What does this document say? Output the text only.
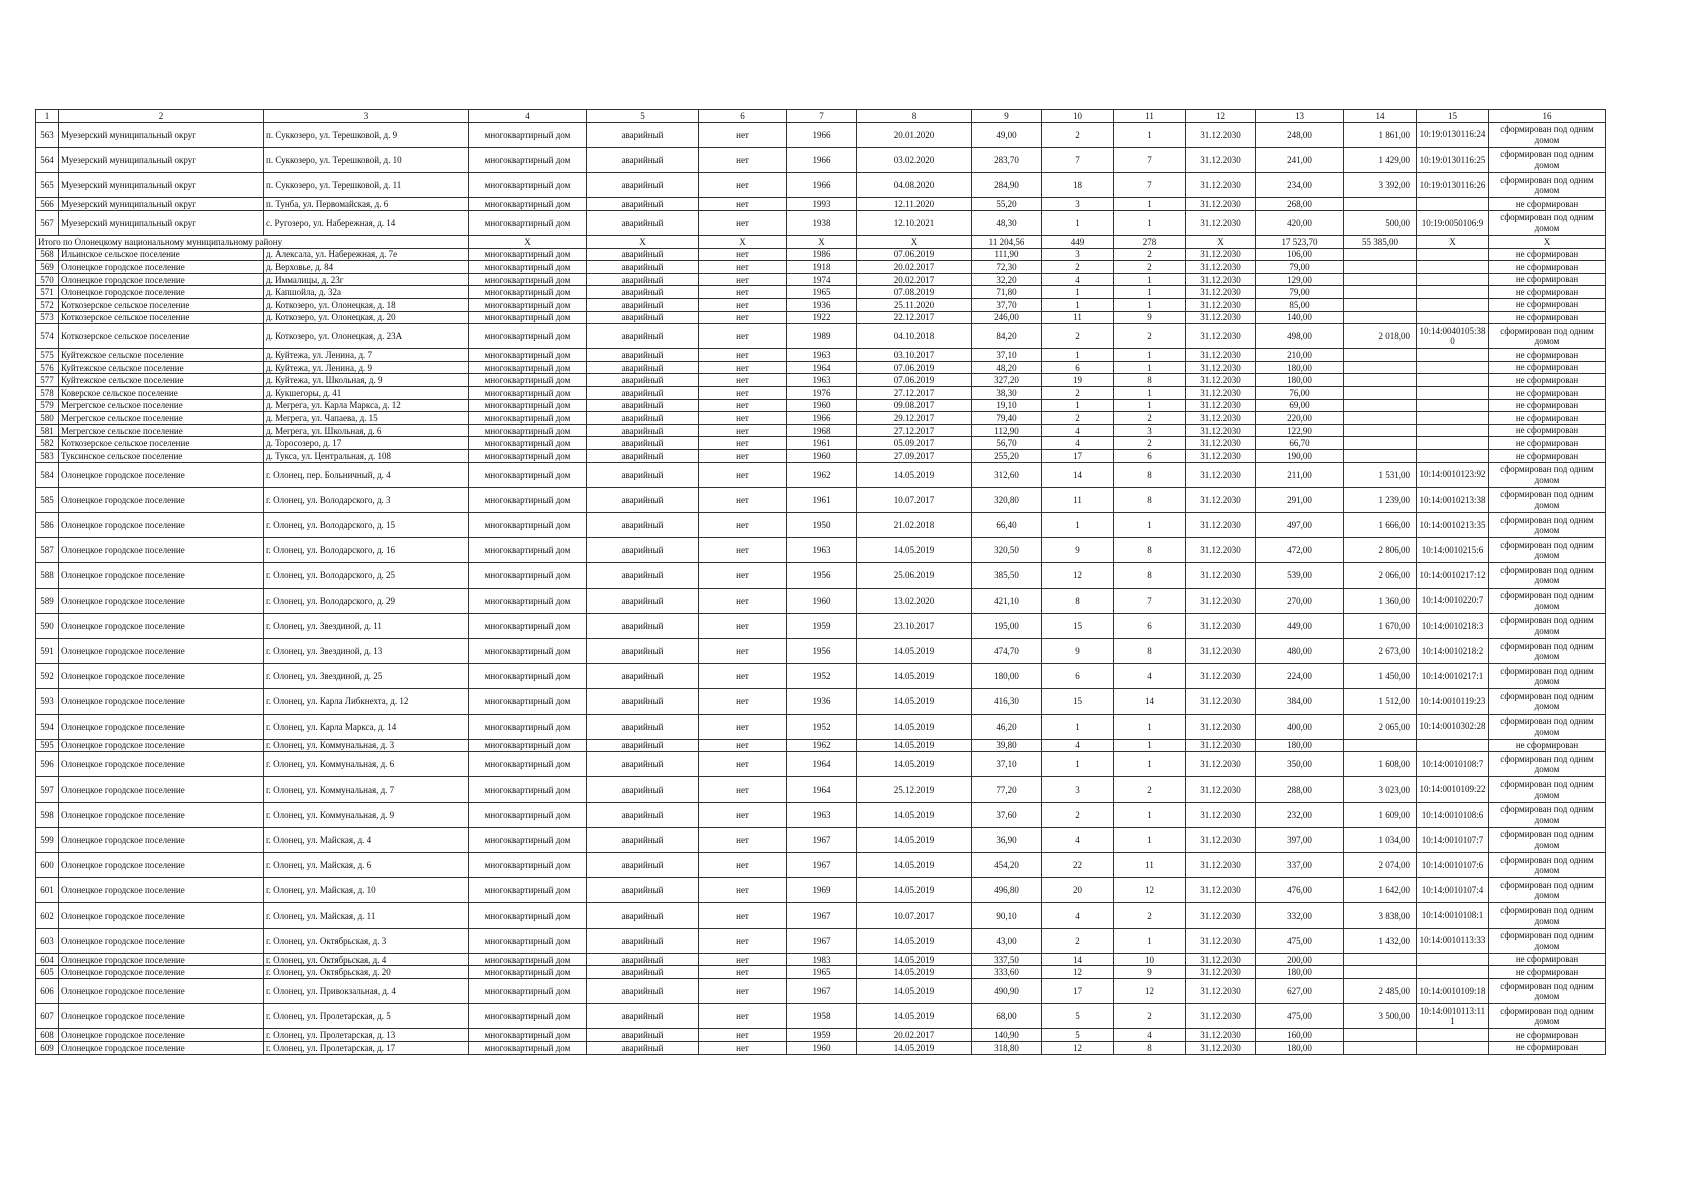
1	2	3	4	5	6	7	8	9	10	11	12	13	14	15	16
563	Муезерский муниципальный округ	п. Суккозеро, ул. Терешковой, д. 9	многоквартирный дом	аварийный	нет	1966	20.01.2020	49,00	2	1	31.12.2030	248,00	1 861,00	10:19:0130116:24	сформирован под одним домом
564	Муезерский муниципальный округ	п. Суккозеро, ул. Терешковой, д. 10	многоквартирный дом	аварийный	нет	1966	03.02.2020	283,70	7	7	31.12.2030	241,00	1 429,00	10:19:0130116:25	сформирован под одним домом
565	Муезерский муниципальный округ	п. Суккозеро, ул. Терешковой, д. 11	многоквартирный дом	аварийный	нет	1966	04.08.2020	284,90	18	7	31.12.2030	234,00	3 392,00	10:19:0130116:26	сформирован под одним домом
566	Муезерский муниципальный округ	п. Тунба, ул. Первомайская, д. 6	многоквартирный дом	аварийный	нет	1993	12.11.2020	55,20	3	1	31.12.2030	268,00			не сформирован
567	Муезерский муниципальный округ	с. Ругозеро, ул. Набережная, д. 14	многоквартирный дом	аварийный	нет	1938	12.10.2021	48,30	1	1	31.12.2030	420,00	500,00	10:19:0050106:9	сформирован под одним домом
Итого по Олонецкому национальному муниципальному району			X	X	X	X	X	11 204,56	449	278	X	17 523,70	55 385,00	X	X
568	Ильинское сельское поселение	д. Алексала, ул. Набережная, д. 7е	многоквартирный дом	аварийный	нет	1986	07.06.2019	111,90	3	2	31.12.2030	106,00			не сформирован
569	Олонецкое городское поселение	д. Верховье, д. 84	многоквартирный дом	аварийный	нет	1918	20.02.2017	72,30	2	2	31.12.2030	79,00			не сформирован
570	Олонецкое городское поселение	д. Иммалицы, д. 23г	многоквартирный дом	аварийный	нет	1974	20.02.2017	32,20	4	1	31.12.2030	129,00			не сформирован
571	Олонецкое городское поселение	д. Капшойла, д. 32а	многоквартирный дом	аварийный	нет	1965	07.08.2019	71,80	1	1	31.12.2030	79,00			не сформирован
572	Коткозерское сельское поселение	д. Коткозеро, ул. Олонецкая, д. 18	многоквартирный дом	аварийный	нет	1936	25.11.2020	37,70	1	1	31.12.2030	85,00			не сформирован
573	Коткозерское сельское поселение	д. Коткозеро, ул. Олонецкая, д. 20	многоквартирный дом	аварийный	нет	1922	22.12.2017	246,00	11	9	31.12.2030	140,00			не сформирован
574	Коткозерское сельское поселение	д. Коткозеро, ул. Олонецкая, д. 23А	многоквартирный дом	аварийный	нет	1989	04.10.2018	84,20	2	2	31.12.2030	498,00	2 018,00	10:14:0040105:380	сформирован под одним домом
575	Куйтежское сельское поселение	д. Куйтежа, ул. Ленина, д. 7	многоквартирный дом	аварийный	нет	1963	03.10.2017	37,10	1	1	31.12.2030	210,00			не сформирован
576	Куйтежское сельское поселение	д. Куйтежа, ул. Ленина, д. 9	многоквартирный дом	аварийный	нет	1964	07.06.2019	48,20	6	1	31.12.2030	180,00			не сформирован
577	Куйтежское сельское поселение	д. Куйтежа, ул. Школьная, д. 9	многоквартирный дом	аварийный	нет	1963	07.06.2019	327,20	19	8	31.12.2030	180,00			не сформирован
578	Коверское сельское поселение	д. Кукшегоры, д. 41	многоквартирный дом	аварийный	нет	1976	27.12.2017	38,30	2	1	31.12.2030	76,00			не сформирован
579	Мегрегское сельское поселение	д. Мегрега, ул. Карла Маркса, д. 12	многоквартирный дом	аварийный	нет	1960	09.08.2017	19,10	1	1	31.12.2030	69,00			не сформирован
580	Мегрегское сельское поселение	д. Мегрега, ул. Чапаева, д. 15	многоквартирный дом	аварийный	нет	1966	29.12.2017	79,40	2	2	31.12.2030	220,00			не сформирован
581	Мегрегское сельское поселение	д. Мегрега, ул. Школьная, д. 6	многоквартирный дом	аварийный	нет	1968	27.12.2017	112,90	4	3	31.12.2030	122,90			не сформирован
582	Коткозерское сельское поселение	д. Торосозеро, д. 17	многоквартирный дом	аварийный	нет	1961	05.09.2017	56,70	4	2	31.12.2030	66,70			не сформирован
583	Туксинское сельское поселение	д. Тукса, ул. Центральная, д. 108	многоквартирный дом	аварийный	нет	1960	27.09.2017	255,20	17	6	31.12.2030	190,00			не сформирован
584	Олонецкое городское поселение	г. Олонец, пер. Больничный, д. 4	многоквартирный дом	аварийный	нет	1962	14.05.2019	312,60	14	8	31.12.2030	211,00	1 531,00	10:14:0010123:92	сформирован под одним домом
585	Олонецкое городское поселение	г. Олонец, ул. Володарского, д. 3	многоквартирный дом	аварийный	нет	1961	10.07.2017	320,80	11	8	31.12.2030	291,00	1 239,00	10:14:0010213:38	сформирован под одним домом
586	Олонецкое городское поселение	г. Олонец, ул. Володарского, д. 15	многоквартирный дом	аварийный	нет	1950	21.02.2018	66,40	1	1	31.12.2030	497,00	1 666,00	10:14:0010213:35	сформирован под одним домом
587	Олонецкое городское поселение	г. Олонец, ул. Володарского, д. 16	многоквартирный дом	аварийный	нет	1963	14.05.2019	320,50	9	8	31.12.2030	472,00	2 806,00	10:14:0010215:6	сформирован под одним домом
588	Олонецкое городское поселение	г. Олонец, ул. Володарского, д. 25	многоквартирный дом	аварийный	нет	1956	25.06.2019	385,50	12	8	31.12.2030	539,00	2 066,00	10:14:0010217:12	сформирован под одним домом
589	Олонецкое городское поселение	г. Олонец, ул. Володарского, д. 29	многоквартирный дом	аварийный	нет	1960	13.02.2020	421,10	8	7	31.12.2030	270,00	1 360,00	10:14:0010220:7	сформирован под одним домом
590	Олонецкое городское поселение	г. Олонец, ул. Звездиной, д. 11	многоквартирный дом	аварийный	нет	1959	23.10.2017	195,00	15	6	31.12.2030	449,00	1 670,00	10:14:0010218:3	сформирован под одним домом
591	Олонецкое городское поселение	г. Олонец, ул. Звездиной, д. 13	многоквартирный дом	аварийный	нет	1956	14.05.2019	474,70	9	8	31.12.2030	480,00	2 673,00	10:14:0010218:2	сформирован под одним домом
592	Олонецкое городское поселение	г. Олонец, ул. Звездиной, д. 25	многоквартирный дом	аварийный	нет	1952	14.05.2019	180,00	6	4	31.12.2030	224,00	1 450,00	10:14:0010217:1	сформирован под одним домом
593	Олонецкое городское поселение	г. Олонец, ул. Карла Либкнехта, д. 12	многоквартирный дом	аварийный	нет	1936	14.05.2019	416,30	15	14	31.12.2030	384,00	1 512,00	10:14:0010119:23	сформирован под одним домом
594	Олонецкое городское поселение	г. Олонец, ул. Карла Маркса, д. 14	многоквартирный дом	аварийный	нет	1952	14.05.2019	46,20	1	1	31.12.2030	400,00	2 065,00	10:14:0010302:28	сформирован под одним домом
595	Олонецкое городское поселение	г. Олонец, ул. Коммунальная, д. 3	многоквартирный дом	аварийный	нет	1962	14.05.2019	39,80	4	1	31.12.2030	180,00			не сформирован
596	Олонецкое городское поселение	г. Олонец, ул. Коммунальная, д. 6	многоквартирный дом	аварийный	нет	1964	14.05.2019	37,10	1	1	31.12.2030	350,00	1 608,00	10:14:0010108:7	сформирован под одним домом
597	Олонецкое городское поселение	г. Олонец, ул. Коммунальная, д. 7	многоквартирный дом	аварийный	нет	1964	25.12.2019	77,20	3	2	31.12.2030	288,00	3 023,00	10:14:0010109:22	сформирован под одним домом
598	Олонецкое городское поселение	г. Олонец, ул. Коммунальная, д. 9	многоквартирный дом	аварийный	нет	1963	14.05.2019	37,60	2	1	31.12.2030	232,00	1 609,00	10:14:0010108:6	сформирован под одним домом
599	Олонецкое городское поселение	г. Олонец, ул. Майская, д. 4	многоквартирный дом	аварийный	нет	1967	14.05.2019	36,90	4	1	31.12.2030	397,00	1 034,00	10:14:0010107:7	сформирован под одним домом
600	Олонецкое городское поселение	г. Олонец, ул. Майская, д. 6	многоквартирный дом	аварийный	нет	1967	14.05.2019	454,20	22	11	31.12.2030	337,00	2 074,00	10:14:0010107:6	сформирован под одним домом
601	Олонецкое городское поселение	г. Олонец, ул. Майская, д. 10	многоквартирный дом	аварийный	нет	1969	14.05.2019	496,80	20	12	31.12.2030	476,00	1 642,00	10:14:0010107:4	сформирован под одним домом
602	Олонецкое городское поселение	г. Олонец, ул. Майская, д. 11	многоквартирный дом	аварийный	нет	1967	10.07.2017	90,10	4	2	31.12.2030	332,00	3 838,00	10:14:0010108:1	сформирован под одним домом
603	Олонецкое городское поселение	г. Олонец, ул. Октябрьская, д. 3	многоквартирный дом	аварийный	нет	1967	14.05.2019	43,00	2	1	31.12.2030	475,00	1 432,00	10:14:0010113:33	сформирован под одним домом
604	Олонецкое городское поселение	г. Олонец, ул. Октябрьская, д. 4	многоквартирный дом	аварийный	нет	1983	14.05.2019	337,50	14	10	31.12.2030	200,00			не сформирован
605	Олонецкое городское поселение	г. Олонец, ул. Октябрьская, д. 20	многоквартирный дом	аварийный	нет	1965	14.05.2019	333,60	12	9	31.12.2030	180,00			не сформирован
606	Олонецкое городское поселение	г. Олонец, ул. Привокзальная, д. 4	многоквартирный дом	аварийный	нет	1967	14.05.2019	490,90	17	12	31.12.2030	627,00	2 485,00	10:14:0010109:18	сформирован под одним домом
607	Олонецкое городское поселение	г. Олонец, ул. Пролетарская, д. 5	многоквартирный дом	аварийный	нет	1958	14.05.2019	68,00	5	2	31.12.2030	475,00	3 500,00	10:14:0010113:111	сформирован под одним домом
608	Олонецкое городское поселение	г. Олонец, ул. Пролетарская, д. 13	многоквартирный дом	аварийный	нет	1959	20.02.2017	140,90	5	4	31.12.2030	160,00			не сформирован
609	Олонецкое городское поселение	г. Олонец, ул. Пролетарская, д. 17	многоквартирный дом	аварийный	нет	1960	14.05.2019	318,80	12	8	31.12.2030	180,00			не сформирован
